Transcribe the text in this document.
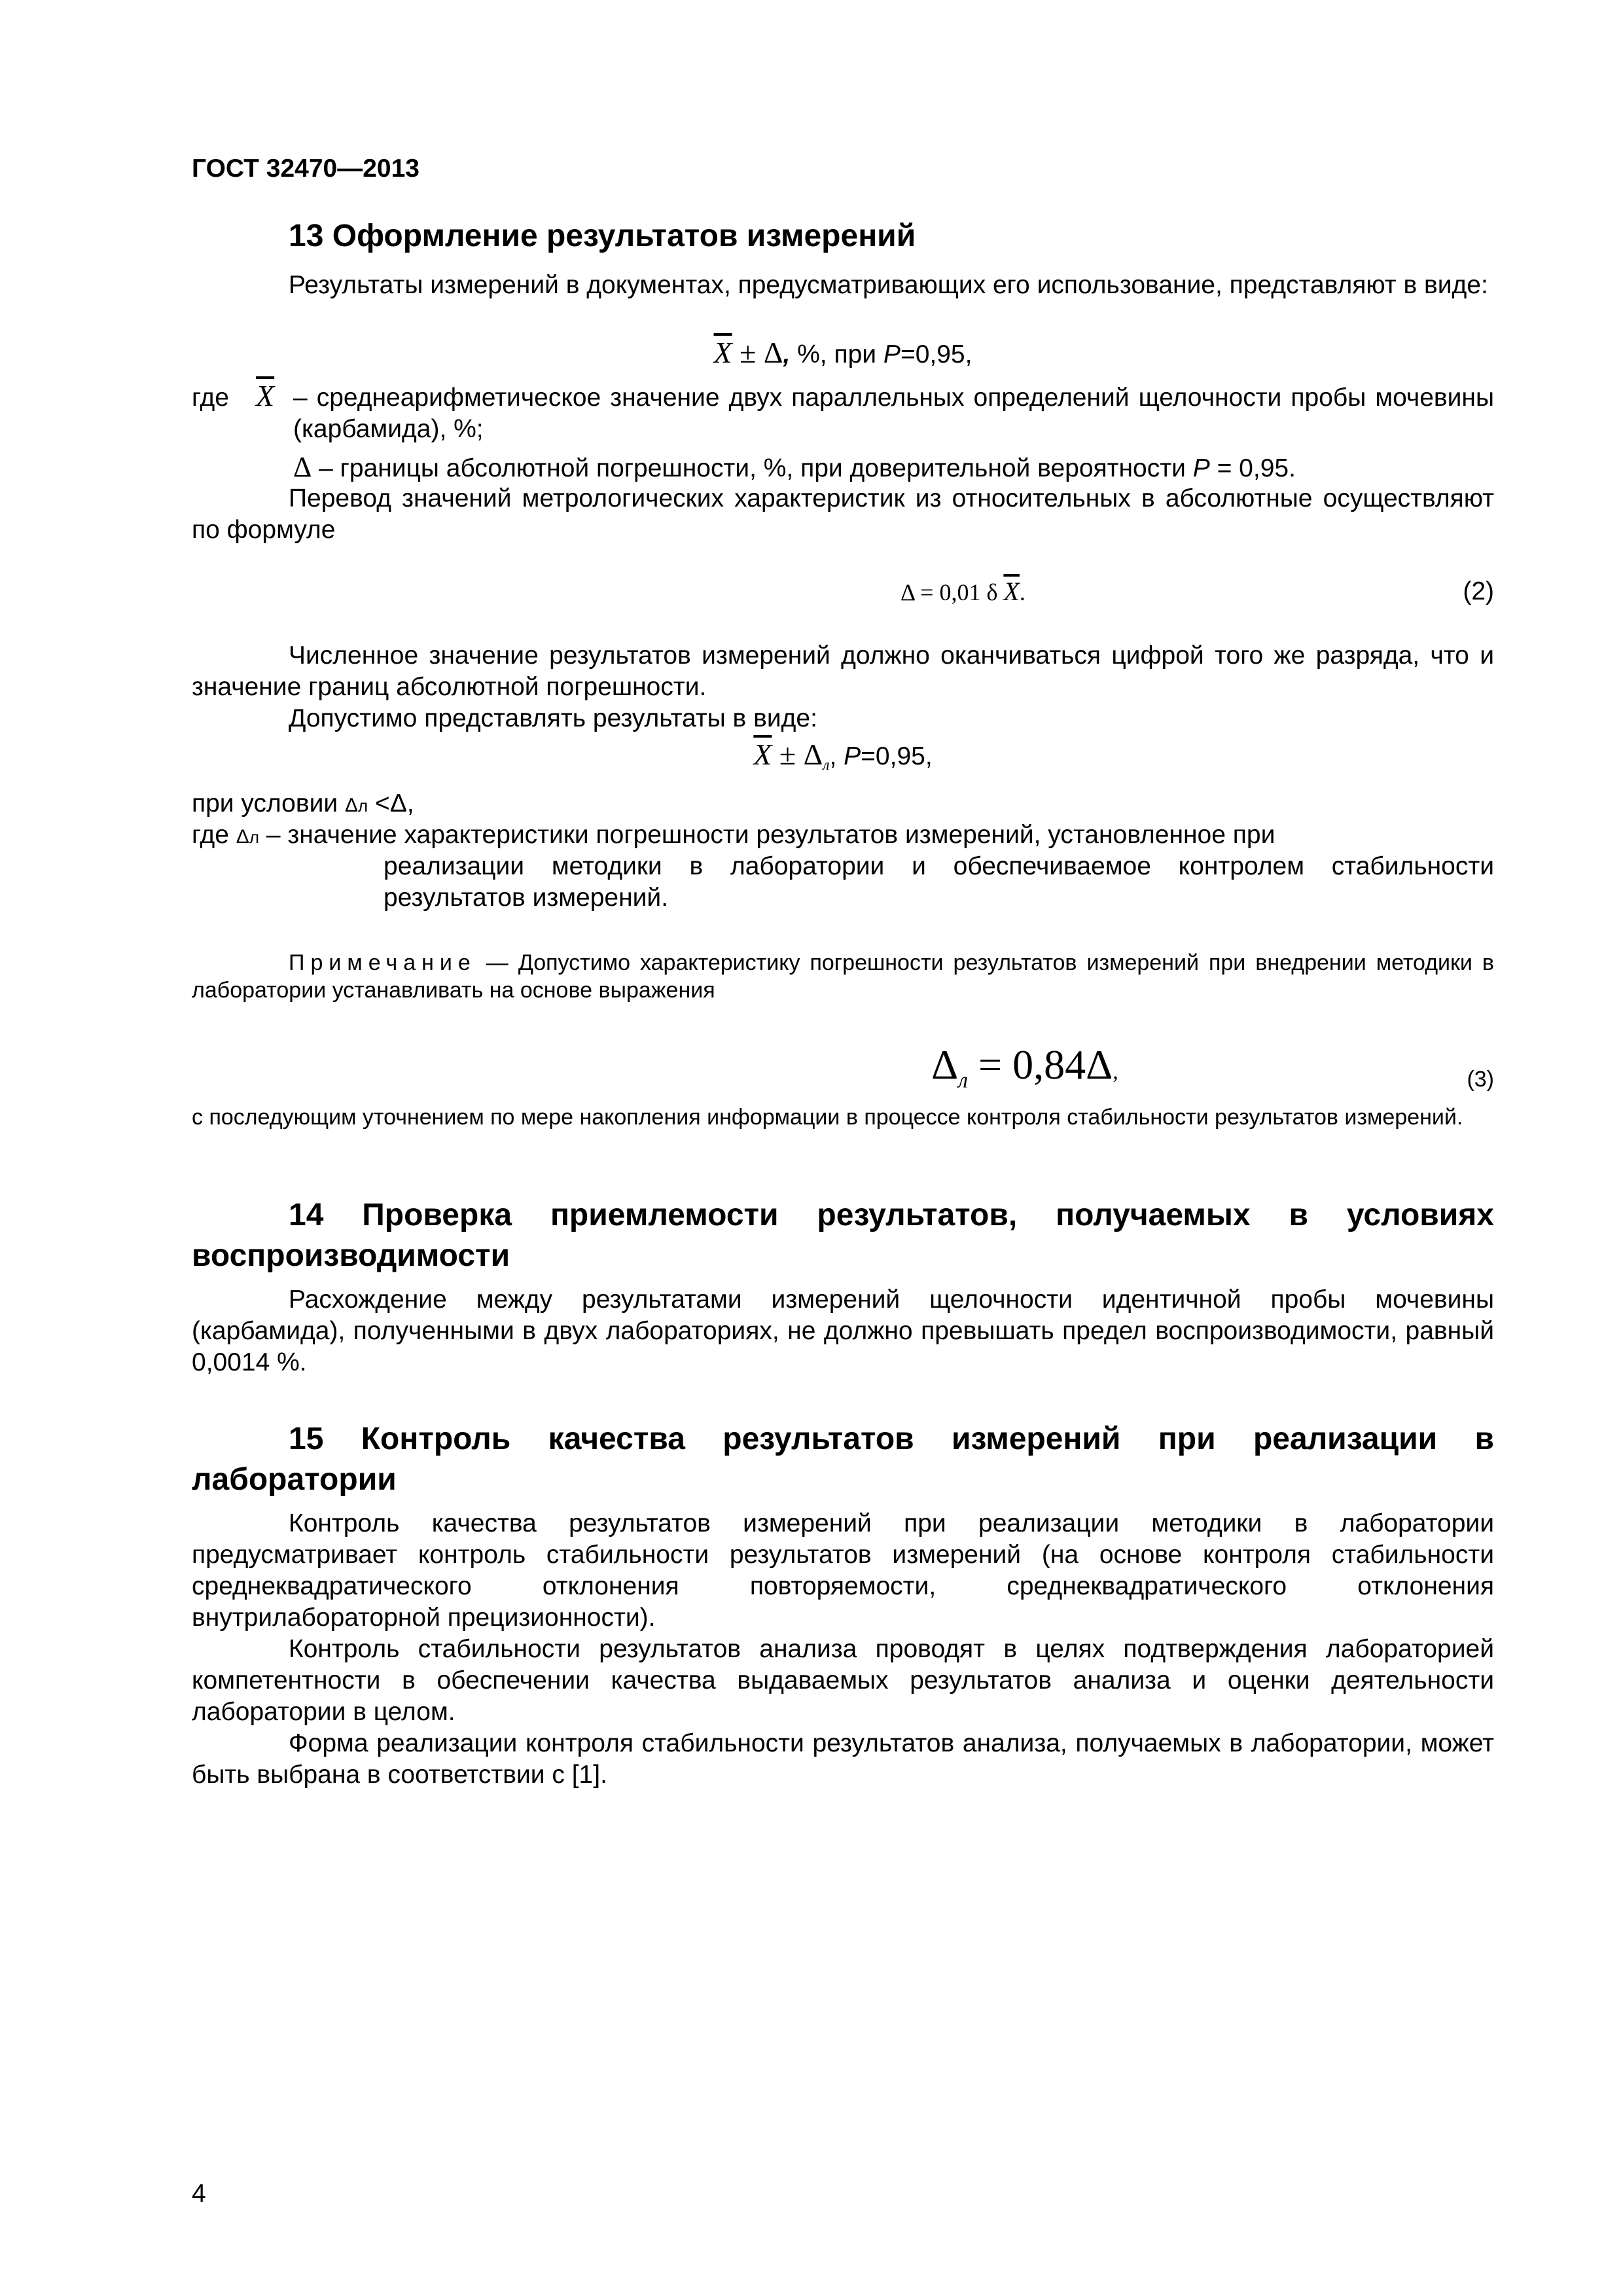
ГОСТ 32470—2013
13 Оформление результатов измерений
Результаты измерений в документах, предусматривающих его использование, представляют в виде:
$\overline{X} \pm \Delta$, %, при P=0,95,
где $\overline{X}$ – среднеарифметическое значение двух параллельных определений щелочности пробы мочевины (карбамида), %;
Δ – границы абсолютной погрешности, %, при доверительной вероятности P = 0,95.
Перевод значений метрологических характеристик из относительных в абсолютные осуществляют по формуле
Δ = 0,01 δ $\overline{X}$.	(2)
Численное значение результатов измерений должно оканчиваться цифрой того же разряда, что и значение границ абсолютной погрешности.
Допустимо представлять результаты в виде:
$\overline{X} \pm \Delta_л$, P=0,95,
при условии Δл <Δ,
где Δл – значение характеристики погрешности результатов измерений, установленное при
реализации методики в лаборатории и обеспечиваемое контролем стабильности результатов измерений.
Примечание — Допустимо характеристику погрешности результатов измерений при внедрении методики в лаборатории устанавливать на основе выражения
$\Delta_л = 0,84\Delta$,	(3)
с последующим уточнением по мере накопления информации в процессе контроля стабильности результатов измерений.
14 Проверка приемлемости результатов, получаемых в условиях воспроизводимости
Расхождение между результатами измерений щелочности идентичной пробы мочевины (карбамида), полученными в двух лабораториях, не должно превышать предел воспроизводимости, равный 0,0014 %.
15 Контроль качества результатов измерений при реализации в лаборатории
Контроль качества результатов измерений при реализации методики в лаборатории предусматривает контроль стабильности результатов измерений (на основе контроля стабильности среднеквадратического отклонения повторяемости, среднеквадратического отклонения внутрилабораторной прецизионности).
Контроль стабильности результатов анализа проводят в целях подтверждения лабораторией компетентности в обеспечении качества выдаваемых результатов анализа и оценки деятельности лаборатории в целом.
Форма реализации контроля стабильности результатов анализа, получаемых в лаборатории, может быть выбрана в соответствии с [1].
4
